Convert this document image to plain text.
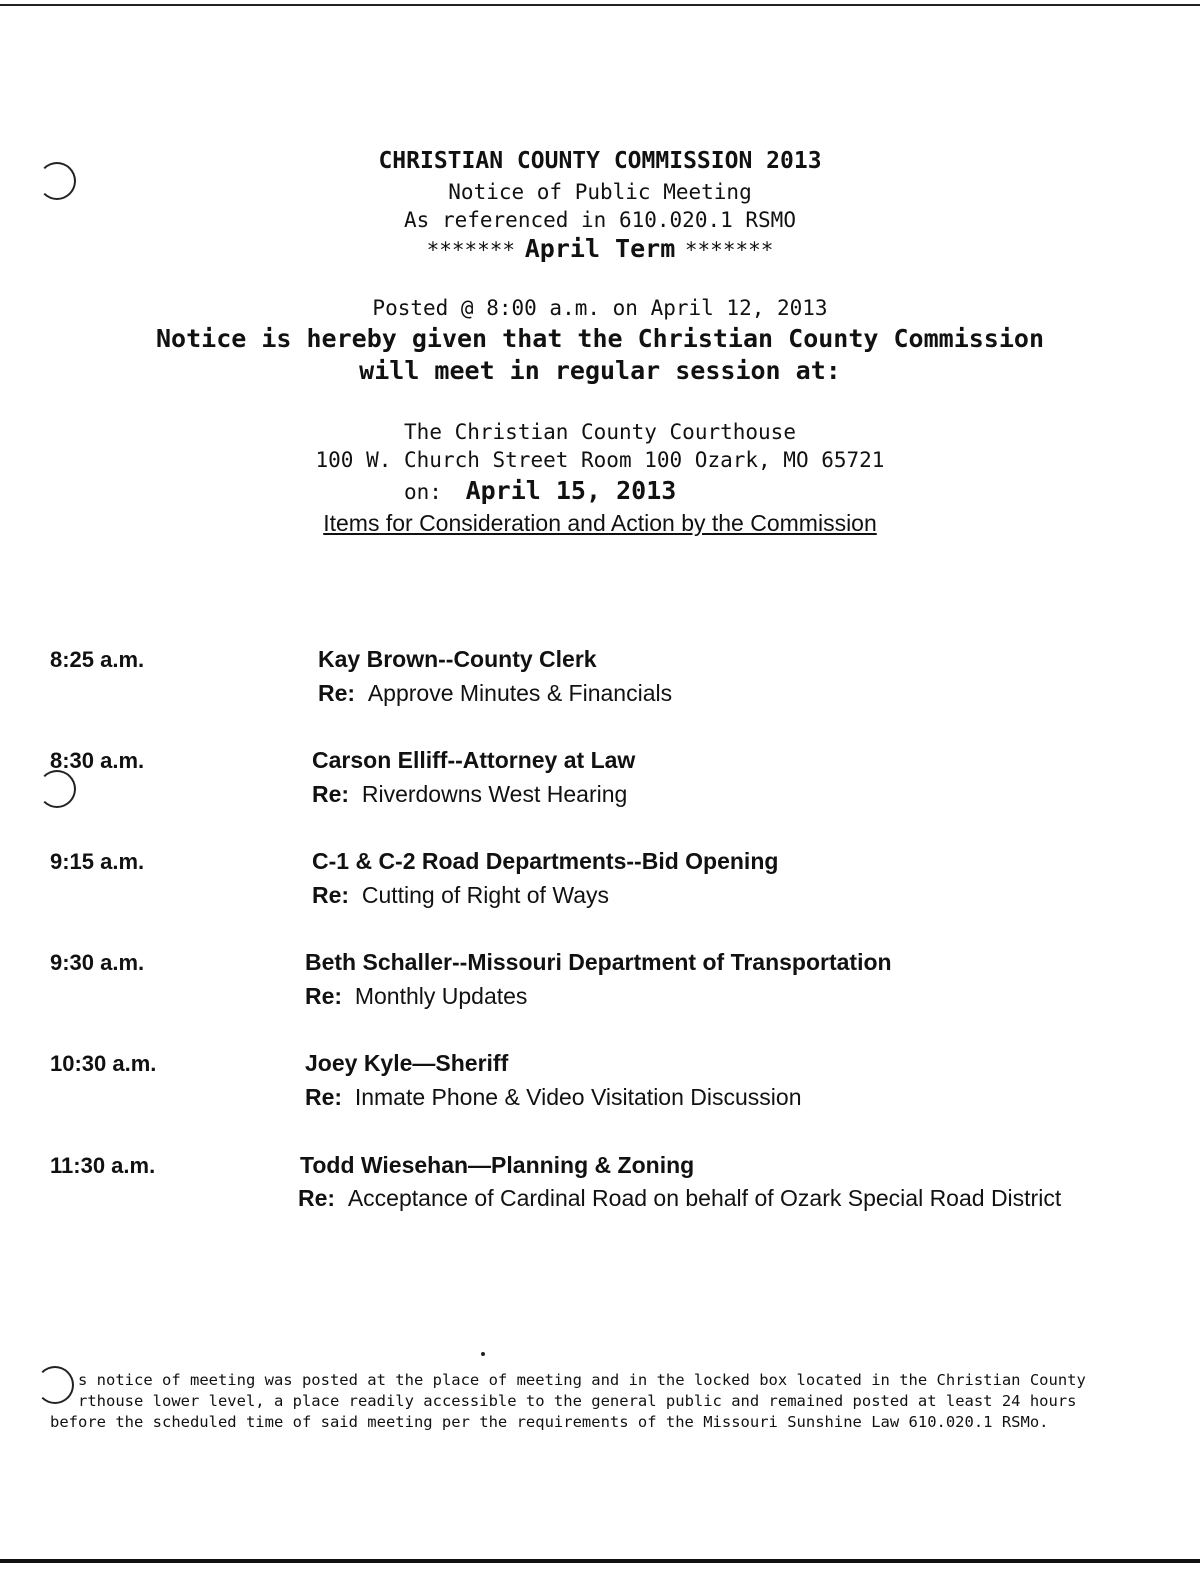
CHRISTIAN COUNTY COMMISSION 2013
Notice of Public Meeting
As referenced in 610.020.1 RSMO
******* April Term *******
Posted @ 8:00 a.m. on April 12, 2013
Notice is hereby given that the Christian County Commission
will meet in regular session at:
The Christian County Courthouse
100 W. Church Street Room 100 Ozark, MO 65721
on: April 15, 2013
Items for Consideration and Action by the Commission
8:25 a.m.	Kay Brown--County Clerk
Re: Approve Minutes & Financials
8:30 a.m.	Carson Elliff--Attorney at Law
Re: Riverdowns West Hearing
9:15 a.m.	C-1 & C-2 Road Departments--Bid Opening
Re: Cutting of Right of Ways
9:30 a.m.	Beth Schaller--Missouri Department of Transportation
Re: Monthly Updates
10:30 a.m.	Joey Kyle—Sheriff
Re: Inmate Phone & Video Visitation Discussion
11:30 a.m.	Todd Wiesehan—Planning & Zoning
Re: Acceptance of Cardinal Road on behalf of Ozark Special Road District
s notice of meeting was posted at the place of meeting and in the locked box located in the Christian County
rthouse lower level, a place readily accessible to the general public and remained posted at least 24 hours
before the scheduled time of said meeting per the requirements of the Missouri Sunshine Law 610.020.1 RSMo.
